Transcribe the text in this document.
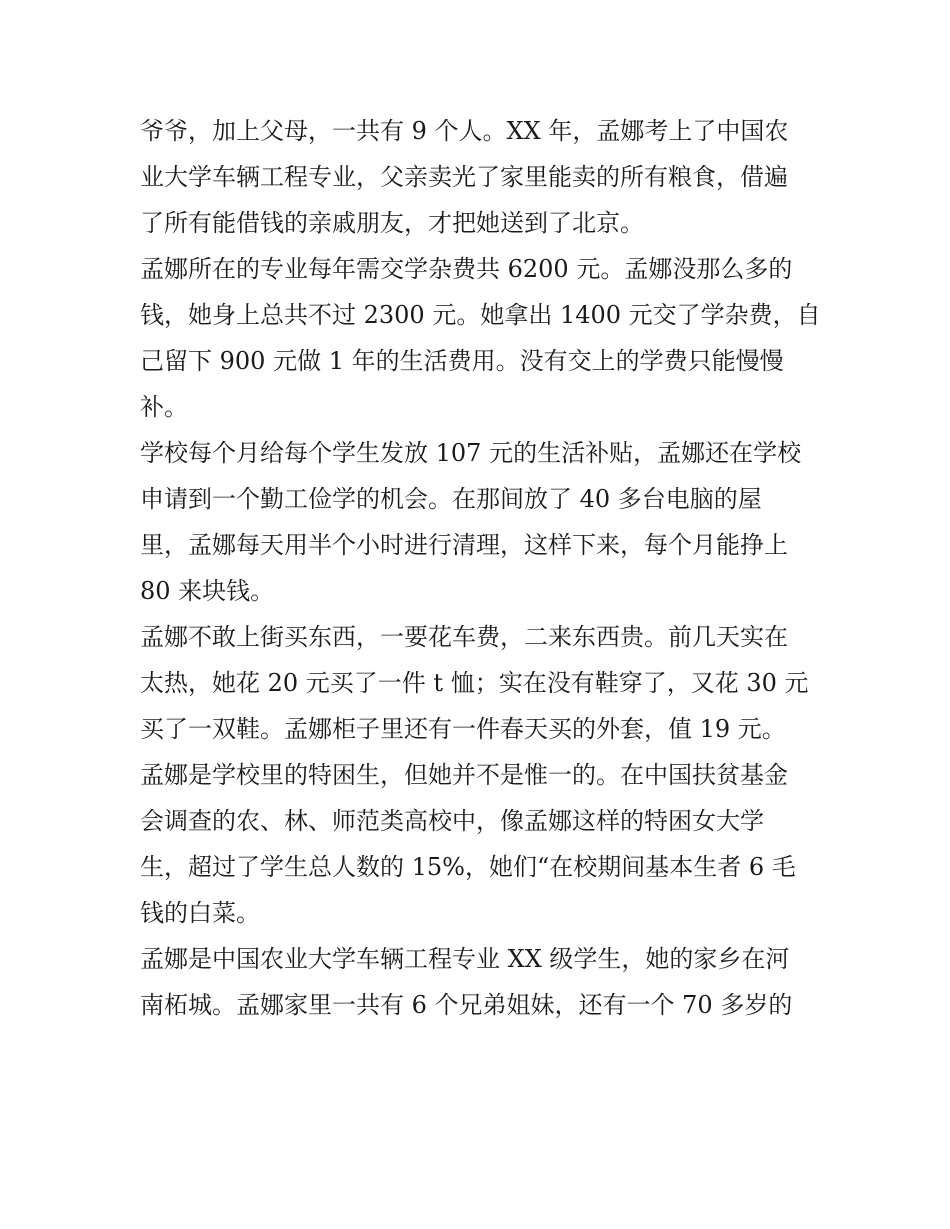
爷爷，加上父母，一共有 9 个人。XX 年，孟娜考上了中国农
业大学车辆工程专业，父亲卖光了家里能卖的所有粮食，借遍
了所有能借钱的亲戚朋友，才把她送到了北京。
孟娜所在的专业每年需交学杂费共 6200 元。孟娜没那么多的
钱，她身上总共不过 2300 元。她拿出 1400 元交了学杂费，自
己留下 900 元做 1 年的生活费用。没有交上的学费只能慢慢
补。
学校每个月给每个学生发放 107 元的生活补贴，孟娜还在学校
申请到一个勤工俭学的机会。在那间放了 40 多台电脑的屋
里，孟娜每天用半个小时进行清理，这样下来，每个月能挣上
80 来块钱。
孟娜不敢上街买东西，一要花车费，二来东西贵。前几天实在
太热，她花 20 元买了一件 t 恤；实在没有鞋穿了，又花 30 元
买了一双鞋。孟娜柜子里还有一件春天买的外套，值 19 元。
孟娜是学校里的特困生，但她并不是惟一的。在中国扶贫基金
会调查的农、林、师范类高校中，像孟娜这样的特困女大学
生，超过了学生总人数的 15%，她们“在校期间基本生者 6 毛
钱的白菜。
孟娜是中国农业大学车辆工程专业 XX 级学生，她的家乡在河
南柘城。孟娜家里一共有 6 个兄弟姐妹，还有一个 70 多岁的
